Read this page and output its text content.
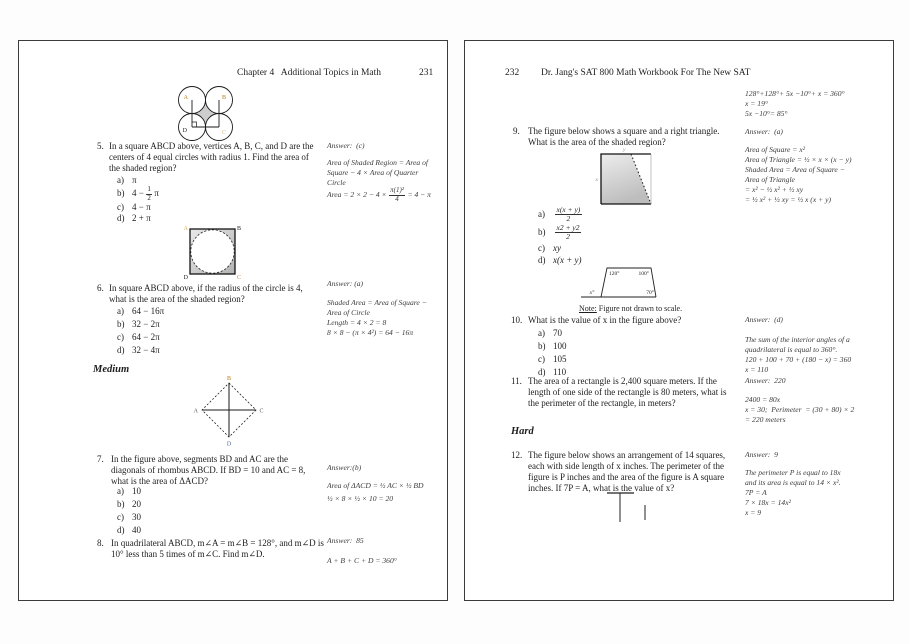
Chapter 4   Additional Topics in Math	231
A	B
D	C
5. In a square ABCD above, vertices A, B, C, and D are the
centers of 4 equal circles with radius 1. Find the area of
the shaded region?
a) π
b) $4 - \frac{1}{2}$ π
c) 4 − π
d) 2 + π
Answer:  (c)
Area of Shaded Region = Area of
Square − 4 × Area of Quarter
Circle
Area = $2 \times 2 - 4 \times \frac{\text{π(1)²}}{4} = 4 - \pi$
A	B
D	C
6. In square ABCD above, if the radius of the circle is 4,
what is the area of the shaded region?
a) 64 − 16π
b) 32 − 2π
c) 64 − 2π
d) 32 − 4π
Answer: (a)
Shaded Area = Area of Square −
Area of Circle
Length = 4 × 2 = 8
8 × 8 − (π × 4²) = 64 − 16π
Medium
B
D
A	C
7. In the figure above, segments BD and AC are the
diagonals of rhombus ABCD. If BD = 10 and AC = 8,
what is the area of ΔACD?
a) 10
b) 20
c) 30
d) 40
Answer:(b)
Area of ΔACD = ½ AC × ½ BD
½ × 8 × ½ × 10 = 20
8. In quadrilateral ABCD, m∠A = m∠B = 128°, and m∠D is
10° less than 5 times of m∠C. Find m∠D.
Answer:  85
A + B + C + D = 360°
232 Dr. Jang's SAT 800 Math Workbook For The New SAT
128°+128°+ 5x −10°+ x = 360°
x = 19°
5x −10°= 85°
9. The figure below shows a square and a right triangle.
What is the area of the shaded region?
Answer:  (a)
Area of Square = x²
Area of Triangle = ½ × x × (x − y)
Shaded Area = Area of Square −
Area of Triangle
= x² − ½ x² + ½ xy
= ½ x² + ½ xy = ½ x (x + y)
y
x
$a) \frac{x(x + y)}{2}$
$b) \frac{x2 + y2}{2}$
c) xy
d) x(x + y)
120°	100°
70°
x°
Note: Figure not drawn to scale.
10. What is the value of x in the figure above?
a) 70
b) 100
c) 105
d) 110
Answer:  (d)
The sum of the interior angles of a
quadrilateral is equal to 360°.
120 + 100 + 70 + (180 − x) = 360
x = 110
11. The area of a rectangle is 2,400 square meters. If the
length of one side of the rectangle is 80 meters, what is
the perimeter of the rectangle, in meters?
Answer:  220
2400 = 80x
x = 30;  Perimeter  = (30 + 80) × 2
= 220 meters
Hard
12. The figure below shows an arrangement of 14 squares,
each with side length of x inches. The perimeter of the
figure is P inches and the area of the figure is A square
inches. If 7P = A, what is the value of x?
Answer:  9
The perimeter P is equal to 18x
and its area is equal to 14 × x².
7P = A
7 × 18x = 14x²
x = 9
